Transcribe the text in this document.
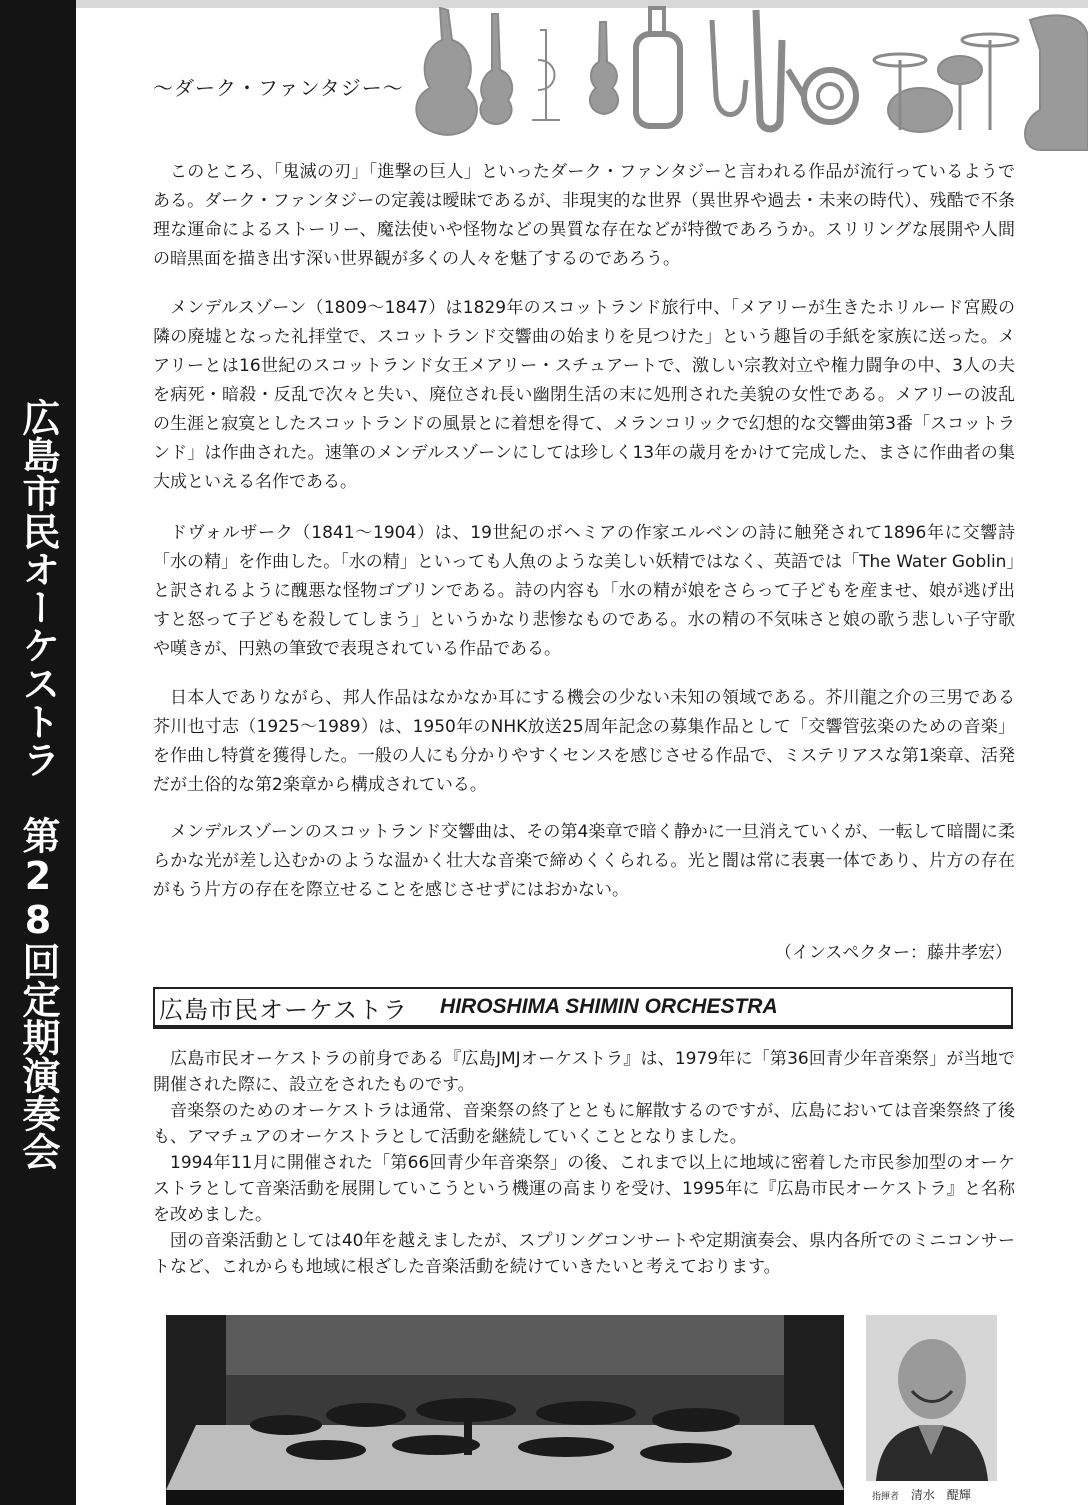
広島市民オーケストラ　第28回定期演奏会
～ダーク・ファンタジー～

このところ、「鬼滅の刃」「進撃の巨人」といったダーク・ファンタジーと言われる作品が流行っているようである。ダーク・ファンタジーの定義は曖昧であるが、非現実的な世界（異世界や過去・未来の時代）、残酷で不条理な運命によるストーリー、魔法使いや怪物などの異質な存在などが特徴であろうか。スリリングな展開や人間の暗黒面を描き出す深い世界観が多くの人々を魅了するのであろう。

メンデルスゾーン（1809～1847）は1829年のスコットランド旅行中、「メアリーが生きたホリルード宮殿の隣の廃墟となった礼拝堂で、スコットランド交響曲の始まりを見つけた」という趣旨の手紙を家族に送った。メアリーとは16世紀のスコットランド女王メアリー・スチュアートで、激しい宗教対立や権力闘争の中、3人の夫を病死・暗殺・反乱で次々と失い、廃位され長い幽閉生活の末に処刑された美貌の女性である。メアリーの波乱の生涯と寂寞としたスコットランドの風景とに着想を得て、メランコリックで幻想的な交響曲第3番「スコットランド」は作曲された。速筆のメンデルスゾーンにしては珍しく13年の歳月をかけて完成した、まさに作曲者の集大成といえる名作である。

ドヴォルザーク（1841～1904）は、19世紀のボヘミアの作家エルベンの詩に触発されて1896年に交響詩「水の精」を作曲した。「水の精」といっても人魚のような美しい妖精ではなく、英語では「The Water Goblin」と訳されるように醜悪な怪物ゴブリンである。詩の内容も「水の精が娘をさらって子どもを産ませ、娘が逃げ出すと怒って子どもを殺してしまう」というかなり悲惨なものである。水の精の不気味さと娘の歌う悲しい子守歌や嘆きが、円熟の筆致で表現されている作品である。

日本人でありながら、邦人作品はなかなか耳にする機会の少ない未知の領域である。芥川龍之介の三男である芥川也寸志（1925～1989）は、1950年のNHK放送25周年記念の募集作品として「交響管弦楽のための音楽」を作曲し特賞を獲得した。一般の人にも分かりやすくセンスを感じさせる作品で、ミステリアスな第1楽章、活発だが土俗的な第2楽章から構成されている。

メンデルスゾーンのスコットランド交響曲は、その第4楽章で暗く静かに一旦消えていくが、一転して暗闇に柔らかな光が差し込むかのような温かく壮大な音楽で締めくくられる。光と闇は常に表裏一体であり、片方の存在がもう片方の存在を際立せることを感じさせずにはおかない。

（インスペクター：藤井孝宏）
広島市民オーケストラ HIROSHIMA SHIMIN ORCHESTRA

広島市民オーケストラの前身である『広島JMJオーケストラ』は、1979年に「第36回青少年音楽祭」が当地で開催された際に、設立をされたものです。

音楽祭のためのオーケストラは通常、音楽祭の終了とともに解散するのですが、広島においては音楽祭終了後も、アマチュアのオーケストラとして活動を継続していくこととなりました。

1994年11月に開催された「第66回青少年音楽祭」の後、これまで以上に地域に密着した市民参加型のオーケストラとして音楽活動を展開していこうという機運の高まりを受け、1995年に『広島市民オーケストラ』と名称を改めました。

団の音楽活動としては40年を越えましたが、スプリングコンサートや定期演奏会、県内各所でのミニコンサートなど、これからも地域に根ざした音楽活動を続けていきたいと考えております。

指揮者 清水　醍輝
